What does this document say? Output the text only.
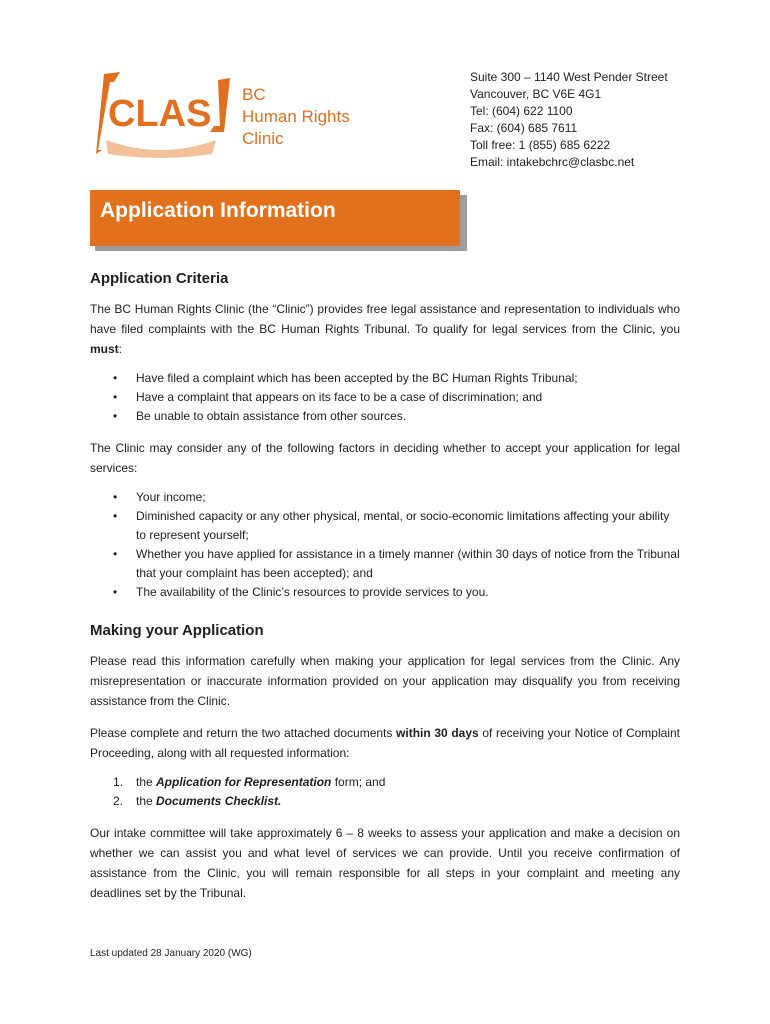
CLAS BC
Human Rights
Clinic
Suite 300 – 1140 West Pender Street
Vancouver, BC V6E 4G1
Tel: (604) 622 1100
Fax: (604) 685 7611
Toll free: 1 (855) 685 6222
Email: intakebchrc@clasbc.net
Application Information
Application Criteria

The BC Human Rights Clinic (the “Clinic”) provides free legal assistance and representation to individuals who have filed complaints with the BC Human Rights Tribunal. To qualify for legal services from the Clinic, you must:

• Have filed a complaint which has been accepted by the BC Human Rights Tribunal;
• Have a complaint that appears on its face to be a case of discrimination; and
• Be unable to obtain assistance from other sources.

The Clinic may consider any of the following factors in deciding whether to accept your application for legal services:

• Your income;
• Diminished capacity or any other physical, mental, or socio-economic limitations affecting your ability to represent yourself;
• Whether you have applied for assistance in a timely manner (within 30 days of notice from the Tribunal that your complaint has been accepted); and
• The availability of the Clinic’s resources to provide services to you.
Making your Application

Please read this information carefully when making your application for legal services from the Clinic. Any misrepresentation or inaccurate information provided on your application may disqualify you from receiving assistance from the Clinic.

Please complete and return the two attached documents within 30 days of receiving your Notice of Complaint Proceeding, along with all requested information:

the Application for Representation form; and
the Documents Checklist.

Our intake committee will take approximately 6 – 8 weeks to assess your application and make a decision on whether we can assist you and what level of services we can provide. Until you receive confirmation of assistance from the Clinic, you will remain responsible for all steps in your complaint and meeting any deadlines set by the Tribunal.

Last updated 28 January 2020 (WG)
